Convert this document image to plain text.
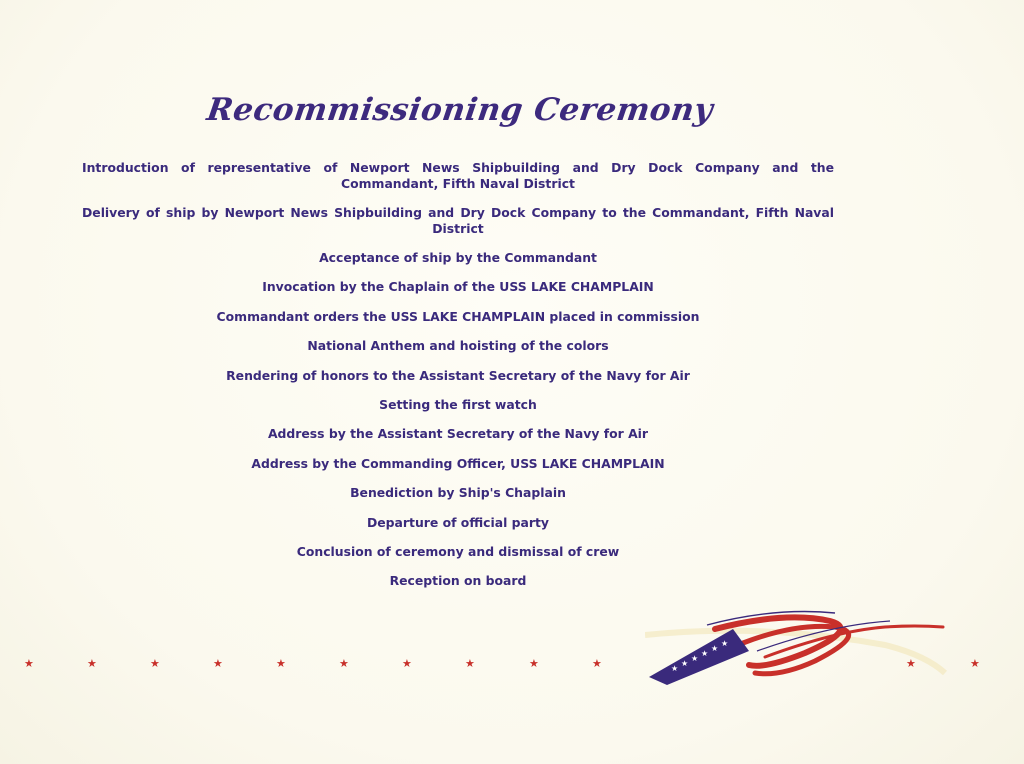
Recommissioning Ceremony
Introduction of representative of Newport News Shipbuilding and Dry Dock Company and the Commandant, Fifth Naval District
Delivery of ship by Newport News Shipbuilding and Dry Dock Company to the Commandant, Fifth Naval District
Acceptance of ship by the Commandant
Invocation by the Chaplain of the USS LAKE CHAMPLAIN
Commandant orders the USS LAKE CHAMPLAIN placed in commission
National Anthem and hoisting of the colors
Rendering of honors to the Assistant Secretary of the Navy for Air
Setting the first watch
Address by the Assistant Secretary of the Navy for Air
Address by the Commanding Officer, USS LAKE CHAMPLAIN
Benediction by Ship's Chaplain
Departure of official party
Conclusion of ceremony and dismissal of crew
Reception on board
★	★	★	★	★	★	★	★	★	★	★	★
★
★
★
★
★
★
